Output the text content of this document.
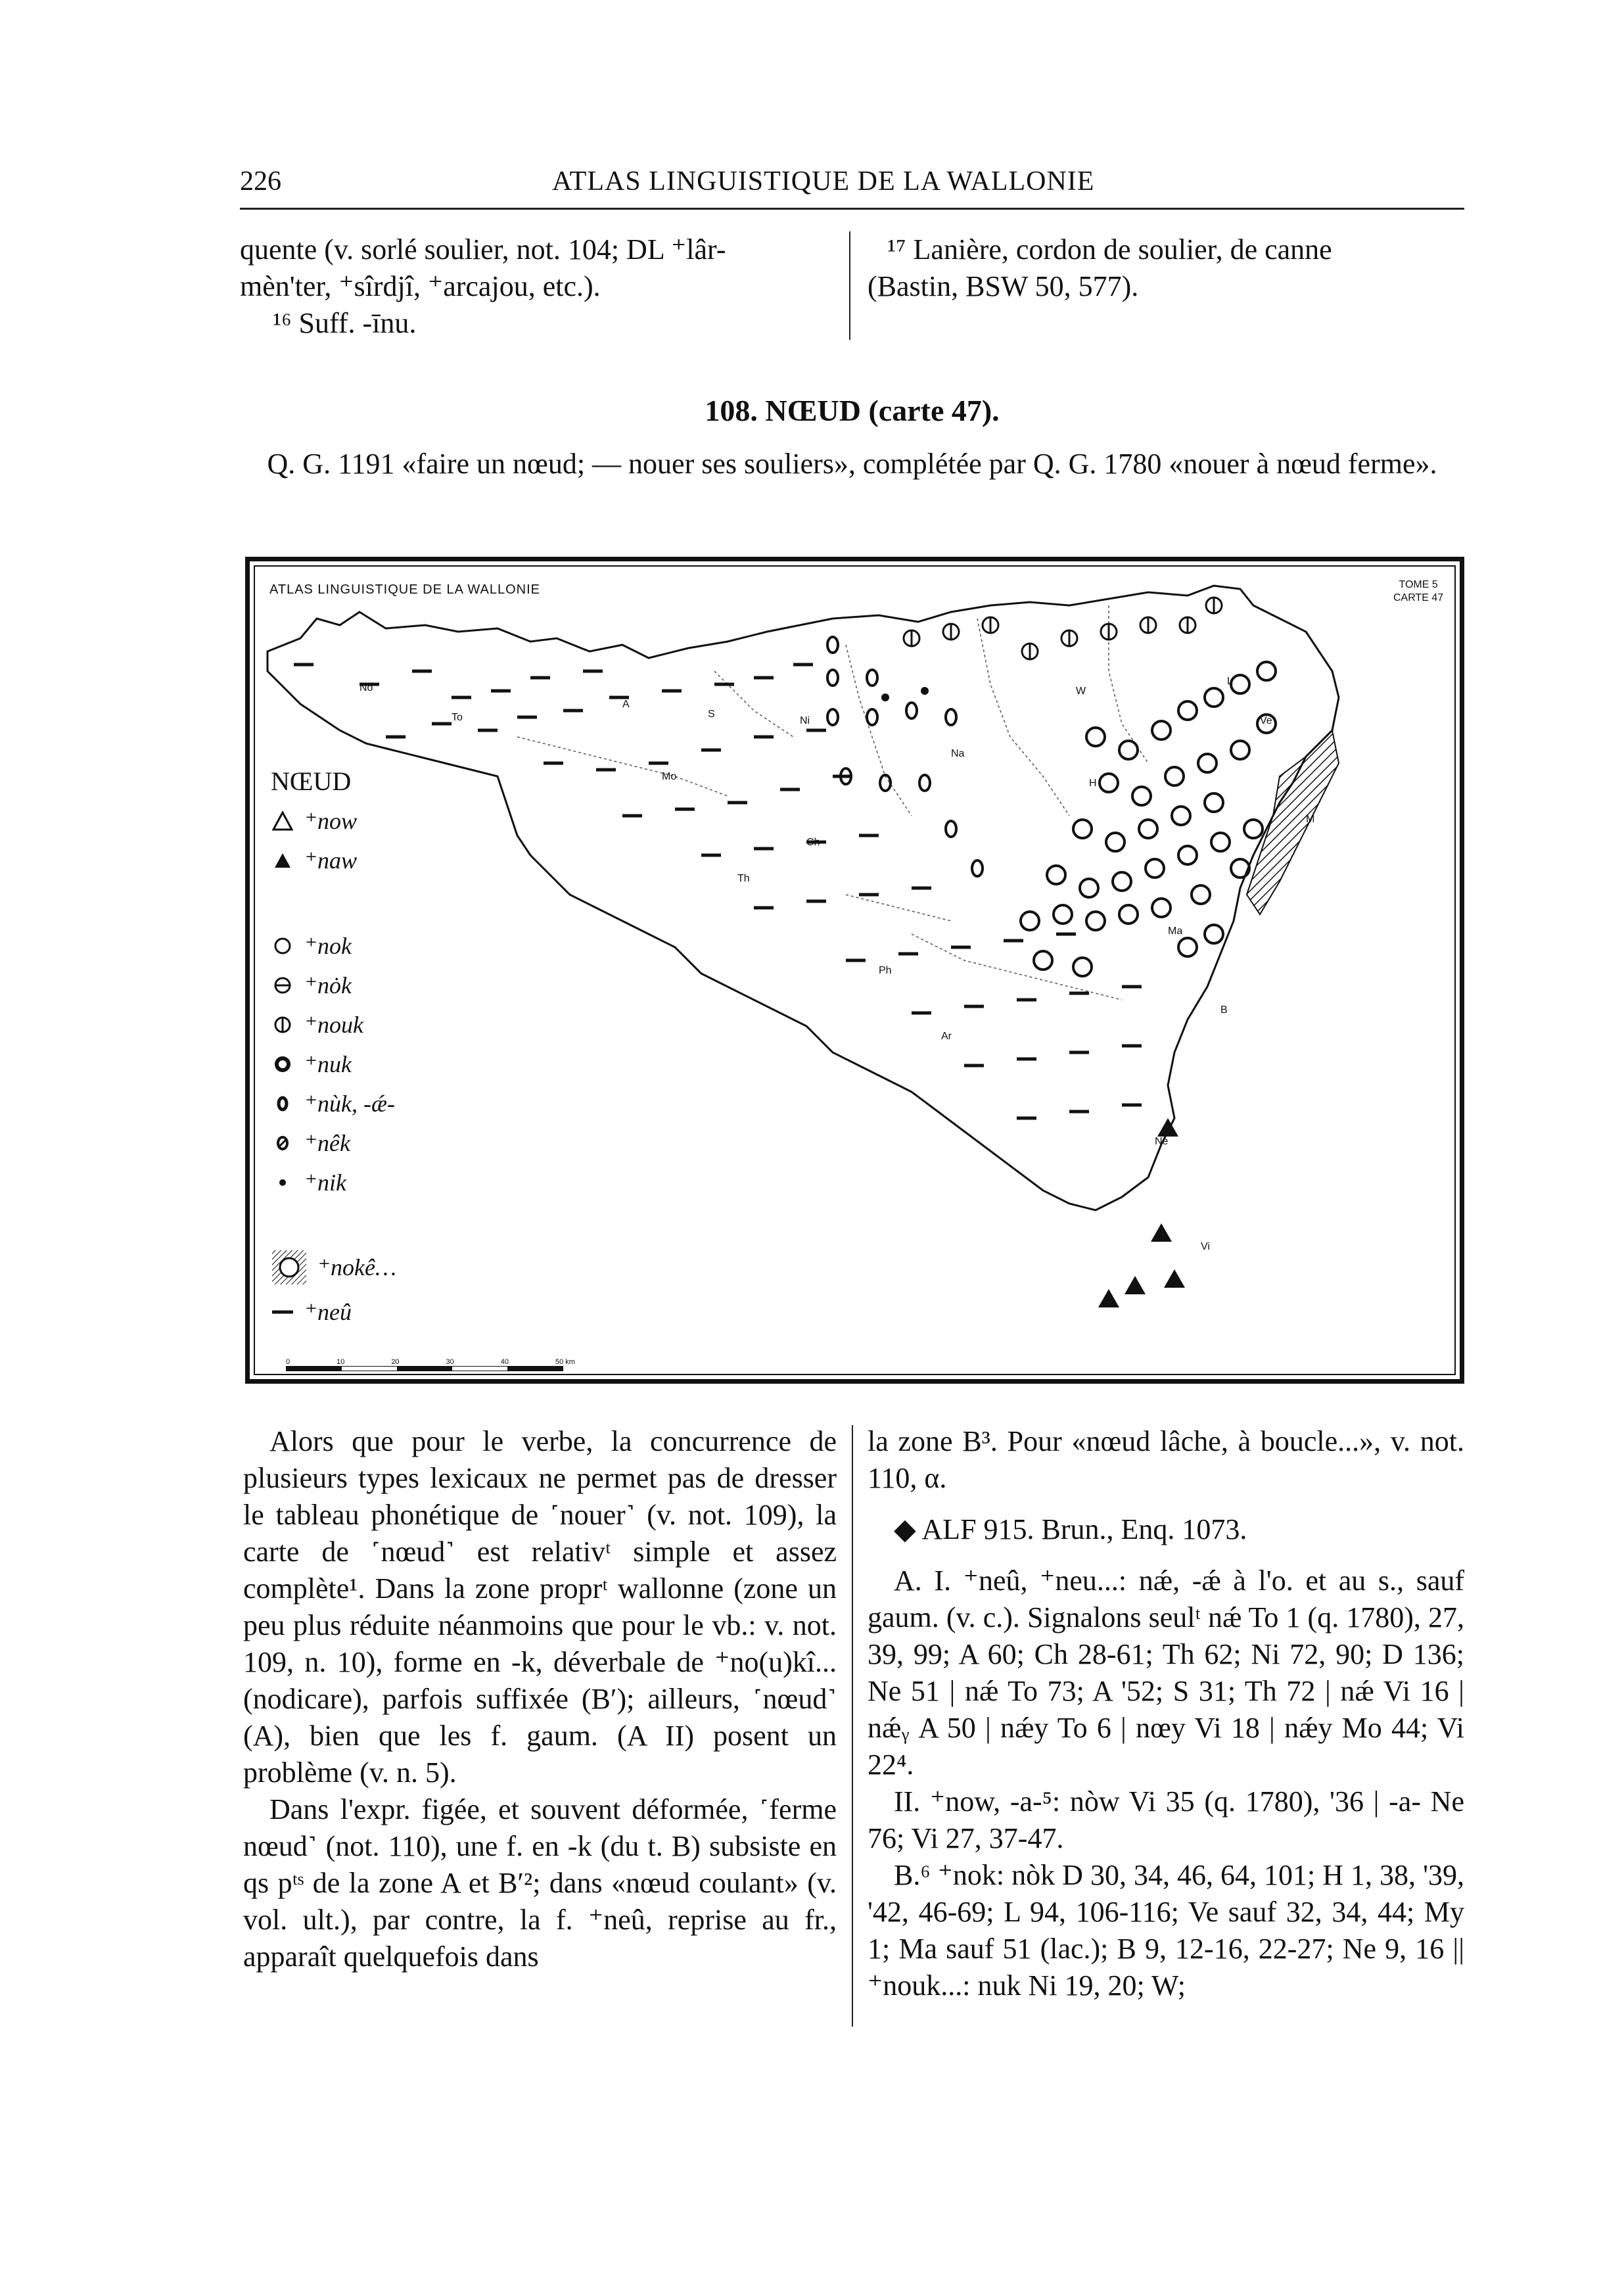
226	ATLAS LINGUISTIQUE DE LA WALLONIE

quente (v. sorlé soulier, not. 104; DL ⁺lâr-

mèn'ter, ⁺sîrdjî, ⁺arcajou, etc.).

¹⁶ Suff. -īnu.

¹⁷ Lanière, cordon de soulier, de canne

(Bastin, BSW 50, 577).

108. NŒUD (carte 47).
Q. G. 1191 «faire un nœud; — nouer ses souliers», complétée par Q. G. 1780 «nouer à nœud ferme».
ATLAS LINGUISTIQUE DE LA WALLONIE	TOME 5
CARTE 47
No
To
A
S
Ni
Mo
Na
W
L
Ve
H
Ch
Th
Ph
Ar
Ma
B
Ne
Vi
M
NŒUD
⁺now
⁺naw
⁺nok
⁺nȯk
⁺nouk
⁺nuk
⁺nùk, -ǽ-
⁺nêk
⁺nik
⁺nokê…
⁺neû
0	10	20	30	40	50 km

Alors que pour le verbe, la concurrence de plusieurs types lexicaux ne permet pas de dresser le tableau phonétique de ˹nouer˺ (v. not. 109), la carte de ˹nœud˺ est relativᵗ simple et assez complète¹. Dans la zone proprᵗ wallonne (zone un peu plus réduite néanmoins que pour le vb.: v. not. 109, n. 10), forme en -k, déverbale de ⁺no(u)kî... (nodicare), parfois suffixée (B′); ailleurs, ˹nœud˺ (A), bien que les f. gaum. (A II) posent un problème (v. n. 5).

Dans l'expr. figée, et souvent déformée, ˹ferme nœud˺ (not. 110), une f. en -k (du t. B) subsiste en qs pᵗˢ de la zone A et B′²; dans «nœud coulant» (v. vol. ult.), par contre, la f. ⁺neû, reprise au fr., apparaît quelquefois dans

la zone B³. Pour «nœud lâche, à boucle...», v. not. 110, α.

◆ ALF 915. Brun., Enq. 1073.

A. I. ⁺neû, ⁺neu...: nǽ, -ǽ à l'o. et au s., sauf gaum. (v. c.). Signalons seulᵗ nǽ To 1 (q. 1780), 27, 39, 99; A 60; Ch 28-61; Th 62; Ni 72, 90; D 136; Ne 51 | nǽ To 73; A '52; S 31; Th 72 | nǽ Vi 16 | nǽᵧ A 50 | nǽy To 6 | nœy Vi 18 | nǽy Mo 44; Vi 22⁴.

II. ⁺now, -a-⁵: nòw Vi 35 (q. 1780), '36 | -a- Ne 76; Vi 27, 37-47.

B.⁶ ⁺nok: nòk D 30, 34, 46, 64, 101; H 1, 38, '39, '42, 46-69; L 94, 106-116; Ve sauf 32, 34, 44; My 1; Ma sauf 51 (lac.); B 9, 12-16, 22-27; Ne 9, 16 || ⁺nouk...: nuk Ni 19, 20; W;
